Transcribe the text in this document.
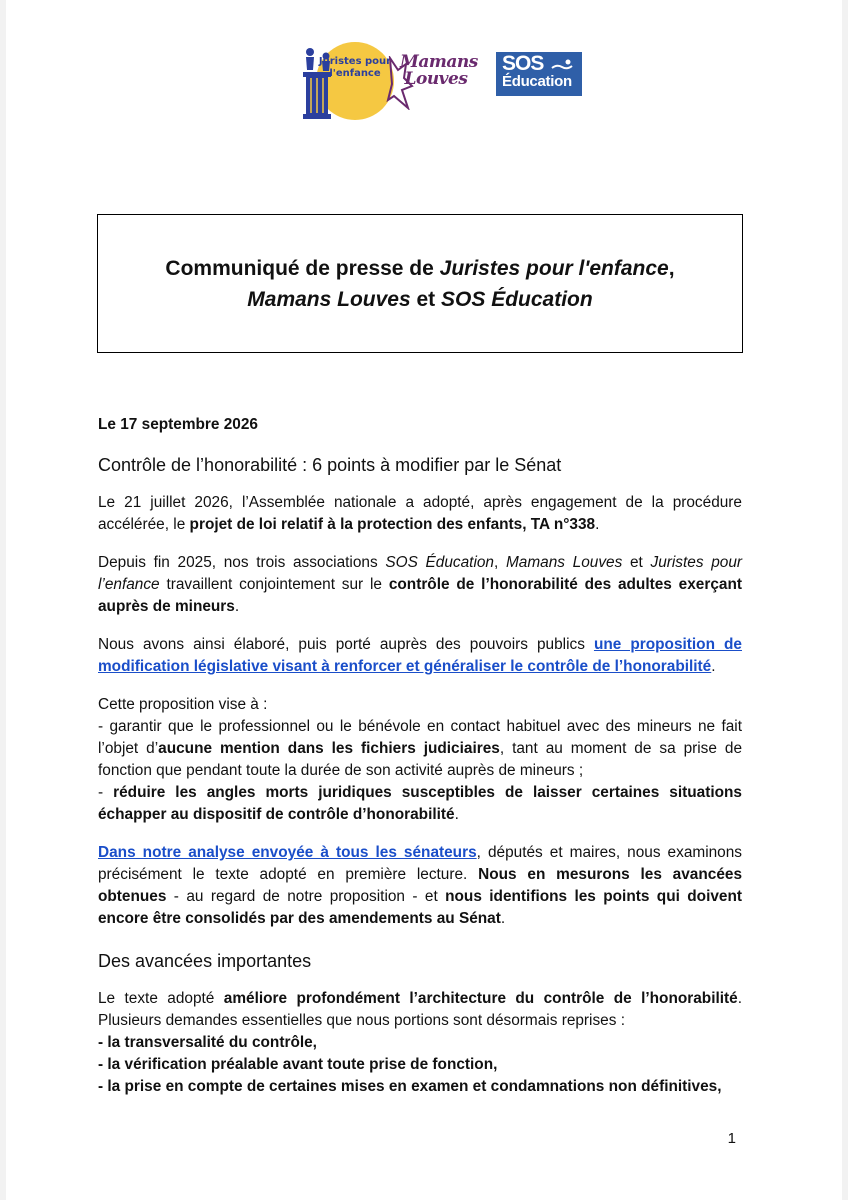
Juristes pour l'enfance
Mamans Louves
SOS
Éducation
Communiqué de presse de Juristes pour l'enfance,
Mamans Louves et SOS Éducation
Le 17 septembre 2026
Contrôle de l’honorabilité : 6 points à modifier par le Sénat

Le 21 juillet 2026, l’Assemblée nationale a adopté, après engagement de la procédure accélérée, le projet de loi relatif à la protection des enfants, TA n°338.

Depuis fin 2025, nos trois associations SOS Éducation, Mamans Louves et Juristes pour l’enfance travaillent conjointement sur le contrôle de l’honorabilité des adultes exerçant auprès de mineurs.

Nous avons ainsi élaboré, puis porté auprès des pouvoirs publics une proposition de modification législative visant à renforcer et généraliser le contrôle de l’honorabilité.

Cette proposition vise à :
- garantir que le professionnel ou le bénévole en contact habituel avec des mineurs ne fait l’objet d’aucune mention dans les fichiers judiciaires, tant au moment de sa prise de fonction que pendant toute la durée de son activité auprès de mineurs ;
- réduire les angles morts juridiques susceptibles de laisser certaines situations échapper au dispositif de contrôle d’honorabilité.

Dans notre analyse envoyée à tous les sénateurs, députés et maires, nous examinons précisément le texte adopté en première lecture. Nous en mesurons les avancées obtenues - au regard de notre proposition - et nous identifions les points qui doivent encore être consolidés par des amendements au Sénat.

Des avancées importantes

Le texte adopté améliore profondément l’architecture du contrôle de l’honorabilité. Plusieurs demandes essentielles que nous portions sont désormais reprises :

- la transversalité du contrôle,
- la vérification préalable avant toute prise de fonction,
- la prise en compte de certaines mises en examen et condamnations non définitives,
1
